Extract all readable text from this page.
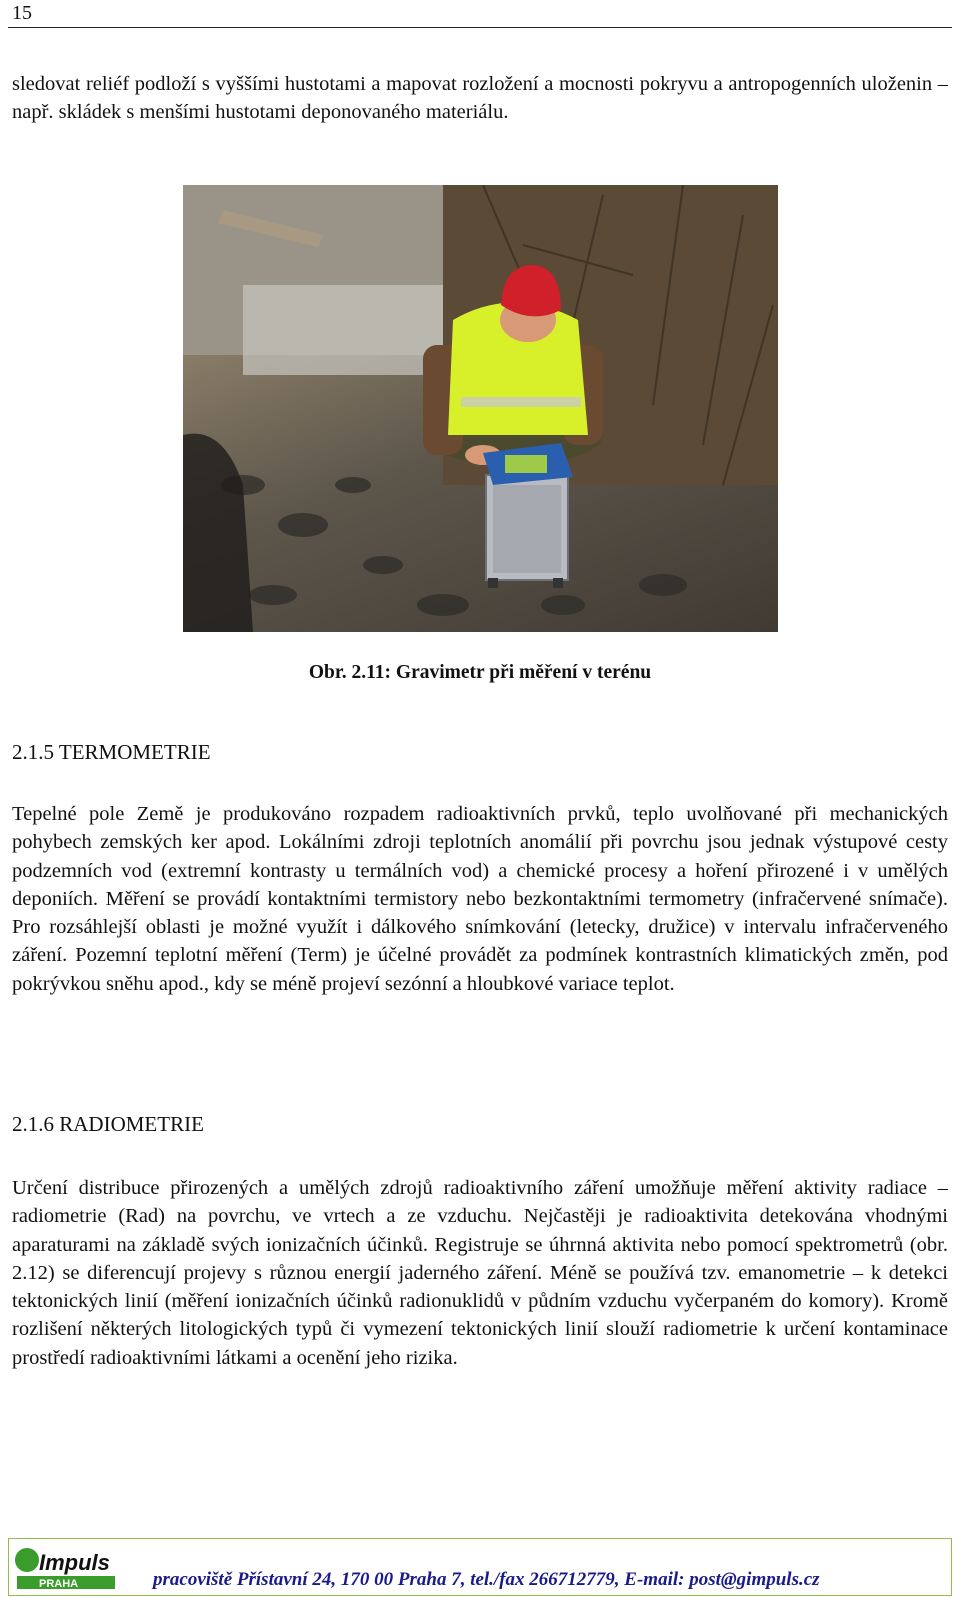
15

sledovat reliéf podloží s vyššími hustotami a mapovat rozložení a mocnosti pokryvu a antropogenních uloženin – např. skládek s menšími hustotami deponovaného materiálu.

Obr. 2.11: Gravimetr při měření v terénu
2.1.5 TERMOMETRIE

Tepelné pole Země je produkováno rozpadem radioaktivních prvků, teplo uvolňované při mechanických pohybech zemských ker apod. Lokálními zdroji teplotních anomálií při povrchu jsou jednak výstupové cesty podzemních vod (extremní kontrasty u termálních vod) a chemické procesy a hoření přirozené i v umělých deponiích. Měření se provádí kontaktními termistory nebo bezkontaktními termometry (infračervené snímače). Pro rozsáhlejší oblasti je možné využít i dálkového snímkování (letecky, družice) v intervalu infračerveného záření. Pozemní teplotní měření (Term) je účelné provádět za podmínek kontrastních klimatických změn, pod pokrývkou sněhu apod., kdy se méně projeví sezónní a hloubkové variace teplot.

2.1.6 RADIOMETRIE

Určení distribuce přirozených a umělých zdrojů radioaktivního záření umožňuje měření aktivity radiace – radiometrie (Rad) na povrchu, ve vrtech a ze vzduchu. Nejčastěji je radioaktivita detekována vhodnými aparaturami na základě svých ionizačních účinků. Registruje se úhrnná aktivita nebo pomocí spektrometrů (obr. 2.12) se diferencují projevy s různou energií jaderného záření. Méně se používá tzv. emanometrie – k detekci tektonických linií (měření ionizačních účinků radionuklidů v půdním vzduchu vyčerpaném do komory). Kromě rozlišení některých litologických typů či vymezení tektonických linií slouží radiometrie k určení kontaminace prostředí radioaktivními látkami a ocenění jeho rizika.

Impuls
PRAHA	pracoviště Přístavní 24, 170 00 Praha 7, tel./fax 266712779, E-mail: post@gimpuls.cz
